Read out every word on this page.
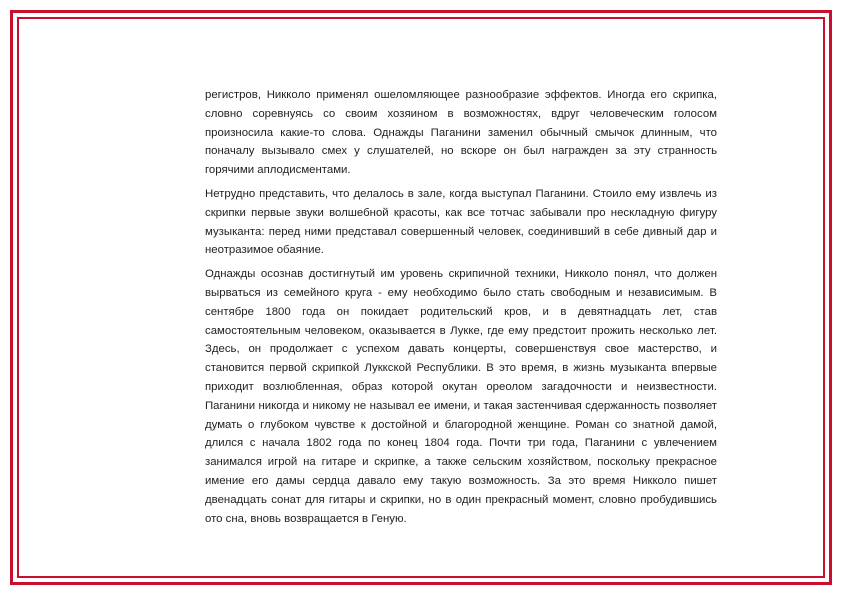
регистров, Никколо применял ошеломляющее разнообразие эффектов. Иногда его скрипка, словно соревнуясь со своим хозяином в возможностях, вдруг человеческим голосом произносила какие-то слова. Однажды Паганини заменил обычный смычок длинным, что поначалу вызывало смех у слушателей, но вскоре он был награжден за эту странность горячими аплодисментами.

Нетрудно представить, что делалось в зале, когда выступал Паганини. Стоило ему извлечь из скрипки первые звуки волшебной красоты, как все тотчас забывали про нескладную фигуру музыканта: перед ними представал совершенный человек, соединивший в себе дивный дар и неотразимое обаяние.

Однажды осознав достигнутый им уровень скрипичной техники, Никколо понял, что должен вырваться из семейного круга - ему необходимо было стать свободным и независимым. В сентябре 1800 года он покидает родительский кров, и в девятнадцать лет, став самостоятельным человеком, оказывается в Лукке, где ему предстоит прожить несколько лет. Здесь, он продолжает с успехом давать концерты, совершенствуя свое мастерство, и становится первой скрипкой Луккской Республики. В это время, в жизнь музыканта впервые приходит возлюбленная, образ которой окутан ореолом загадочности и неизвестности. Паганини никогда и никому не называл ее имени, и такая застенчивая сдержанность позволяет думать о глубоком чувстве к достойной и благородной женщине. Роман со знатной дамой, длился с начала 1802 года по конец 1804 года. Почти три года, Паганини с увлечением занимался игрой на гитаре и скрипке, а также сельским хозяйством, поскольку прекрасное имение его дамы сердца давало ему такую возможность. За это время Никколо пишет двенадцать сонат для гитары и скрипки, но в один прекрасный момент, словно пробудившись ото сна, вновь возвращается в Геную.
